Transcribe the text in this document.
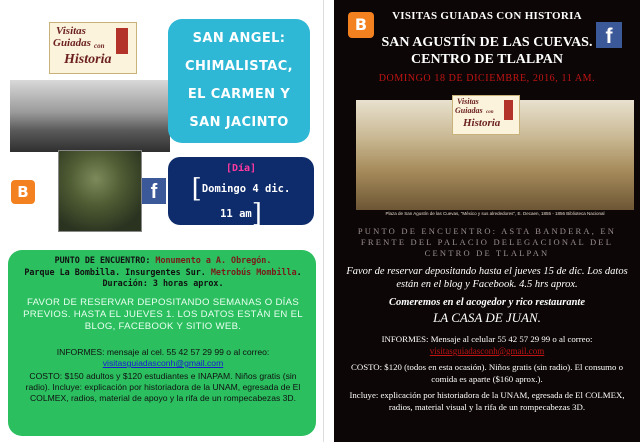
Visitas
Guiadas con
Historia
B	f
SAN ANGEL:
CHIMALISTAC,
EL CARMEN Y
SAN JACINTO
[Día]
[Domingo 4 dic.
11 am]
PUNTO DE ENCUENTRO: Monumento a A. Obregón.
Parque La Bombilla. Insurgentes Sur. Metrobús Mombilla. Duración: 3 horas aprox.
FAVOR DE RESERVAR DEPOSITANDO SEMANAS O DÍAS PREVIOS. HASTA EL JUEVES 1. LOS DATOS ESTÁN EN EL BLOG, FACEBOOK Y SITIO WEB.
INFORMES: mensaje al cel. 55 42 57 29 99 o al correo:
visitasguiadasconh@gmail.com
COSTO: $150 adultos y $120 estudiantes e INAPAM. Niños gratis (sin radio). Incluye: explicación por historiadora de la UNAM, egresada de El COLMEX, radios, material de apoyo y la rifa de un rompecabezas 3D.
B
f
VISITAS GUIADAS CON HISTORIA
SAN AGUSTÍN DE LAS CUEVAS.
CENTRO DE TLALPAN
DOMINGO 18 DE DICIEMBRE, 2016, 11 AM.
Visitas
Guiadas con
Historia
Plaza de San Agustín de las Cuevas, "México y sus alrededores", E. Decaen, 1855 - 1856 Biblioteca Nacional
PUNTO DE ENCUENTRO: ASTA BANDERA, EN FRENTE DEL PALACIO DELEGACIONAL DEL CENTRO DE TLALPAN
Favor de reservar depositando hasta el jueves 15 de dic. Los datos están en el blog y Facebook. 4.5 hrs aprox.
Comeremos en el acogedor y rico restaurante
LA CASA DE JUAN.
INFORMES: Mensaje al celular 55 42 57 29 99 o al correo:
visitasguiadasconh@gmail.com
COSTO: $120 (todos en esta ocasión). Niños gratis (sin radio). El consumo o comida es aparte ($160 aprox.).
Incluye: explicación por historiadora de la UNAM, egresada de El COLMEX, radios, material visual y la rifa de un rompecabezas 3D.
